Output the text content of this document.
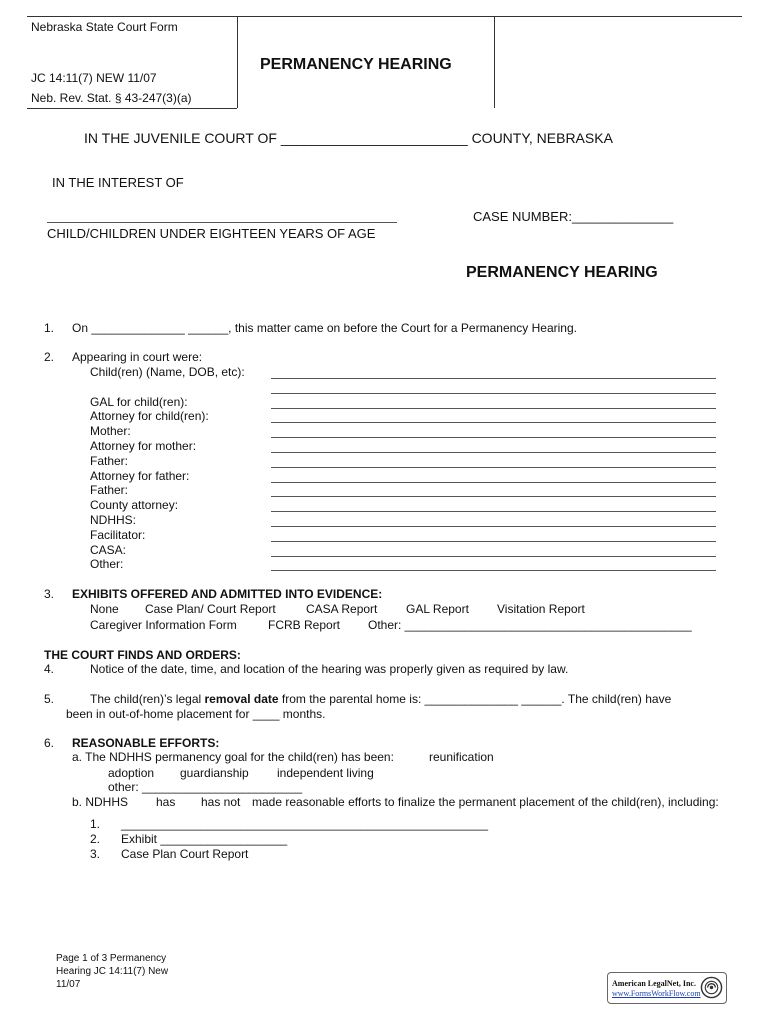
Nebraska State Court Form
JC 14:11(7) NEW 11/07
Neb. Rev. Stat. § 43-247(3)(a)
PERMANENCY HEARING
IN THE JUVENILE COURT OF ________________________ COUNTY, NEBRASKA
IN THE INTEREST OF
CHILD/CHILDREN UNDER EIGHTEEN YEARS OF AGE
CASE NUMBER:______________
PERMANENCY HEARING
1. On ______________ ______, this matter came on before the Court for a Permanency Hearing.
2. Appearing in court were:
Child(ren) (Name, DOB, etc):
GAL for child(ren):
Attorney for child(ren):
Mother:
Attorney for mother:
Father:
Attorney for father:
Father:
County attorney:
NDHHS:
Facilitator:
CASA:
Other:
3. EXHIBITS OFFERED AND ADMITTED INTO EVIDENCE:
None Case Plan/ Court Report	CASA Report GAL Report Visitation Report
Caregiver Information Form	FCRB Report Other: ___________________________________________
THE COURT FINDS AND ORDERS:
4.	Notice of the date, time, and location of the hearing was properly given as required by law.
5.	The child(ren)’s legal removal date from the parental home is: ______________ ______. The child(ren) have
been in out-of-home placement for ____ months.
6. REASONABLE EFFORTS:
a. The NDHHS permanency goal for the child(ren) has been:	reunification
adoption guardianship independent living
other: ________________________
b. NDHHS has has not made reasonable efforts to finalize the permanent placement of the child(ren), including:
1. _______________________________________________________
2. Exhibit ___________________
3. Case Plan Court Report
Page 1 of 3 Permanency Hearing JC 14:11(7) New 11/07	American LegalNet, Inc.
www.FormsWorkFlow.com
